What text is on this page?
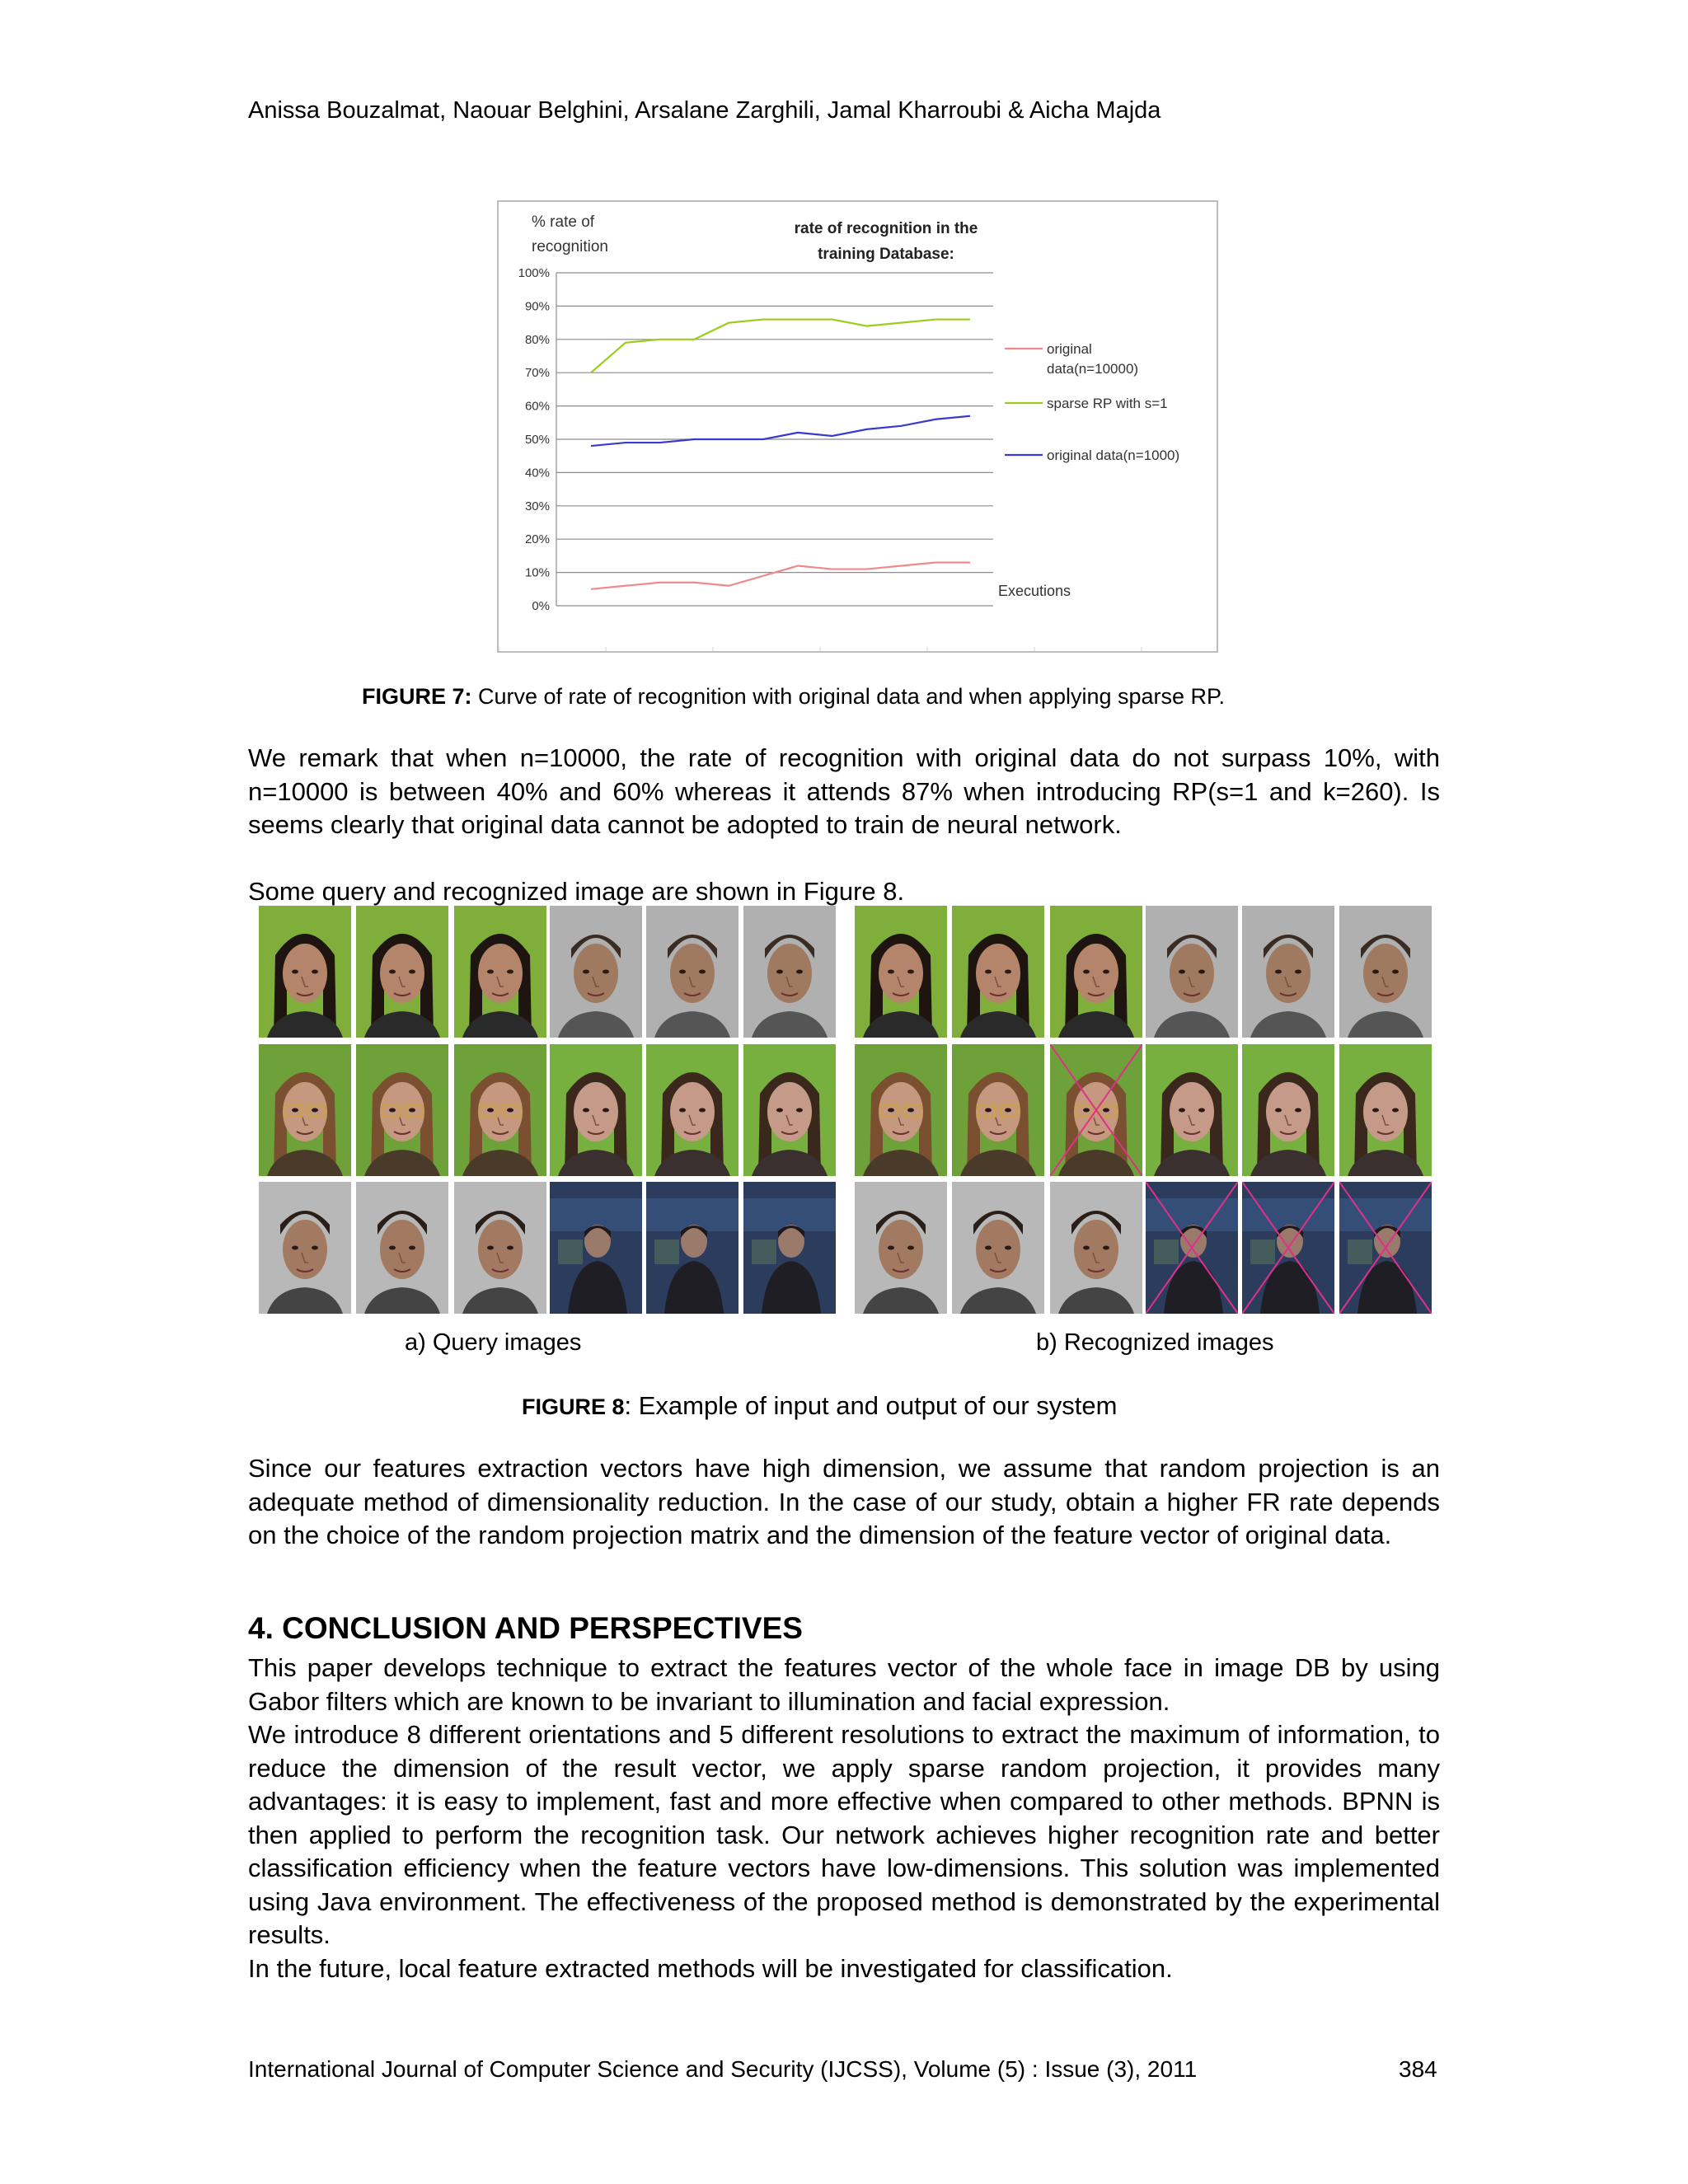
Anissa Bouzalmat, Naouar Belghini, Arsalane Zarghili, Jamal Kharroubi & Aicha Majda
0%
10%
20%
30%
40%
50%
60%
70%
80%
90%
100%
% rate of
recognition
rate of recognition in the
training Database:
Executions
original
data(n=10000)
sparse RP with s=1
original data(n=1000)
FIGURE 7: Curve of rate of recognition with original data and when applying sparse RP.

We remark that when n=10000, the rate of recognition with original data do not surpass 10%, with n=10000 is between 40% and 60% whereas it attends 87% when introducing RP(s=1 and k=260). Is seems clearly that original data cannot be adopted to train de neural network.

Some query and recognized image are shown in Figure 8.

a) Query images	b) Recognized images
FIGURE 8: Example of input and output of our system

Since our features extraction vectors have high dimension, we assume that random projection is an adequate method of dimensionality reduction. In the case of our study, obtain a higher FR rate depends on the choice of the random projection matrix and the dimension of the feature vector of original data.

4. CONCLUSION AND PERSPECTIVES

This paper develops technique to extract the features vector of the whole face in image DB by using Gabor filters which are known to be invariant to illumination and facial expression.

We introduce 8 different orientations and 5 different resolutions to extract the maximum of information, to reduce the dimension of the result vector, we apply sparse random projection, it provides many advantages: it is easy to implement, fast and more effective when compared to other methods. BPNN is then applied to perform the recognition task. Our network achieves higher recognition rate and better classification efficiency when the feature vectors have low-dimensions. This solution was implemented using Java environment. The effectiveness of the proposed method is demonstrated by the experimental results.

In the future, local feature extracted methods will be investigated for classification.

International Journal of Computer Science and Security (IJCSS), Volume (5) : Issue (3), 2011	384
